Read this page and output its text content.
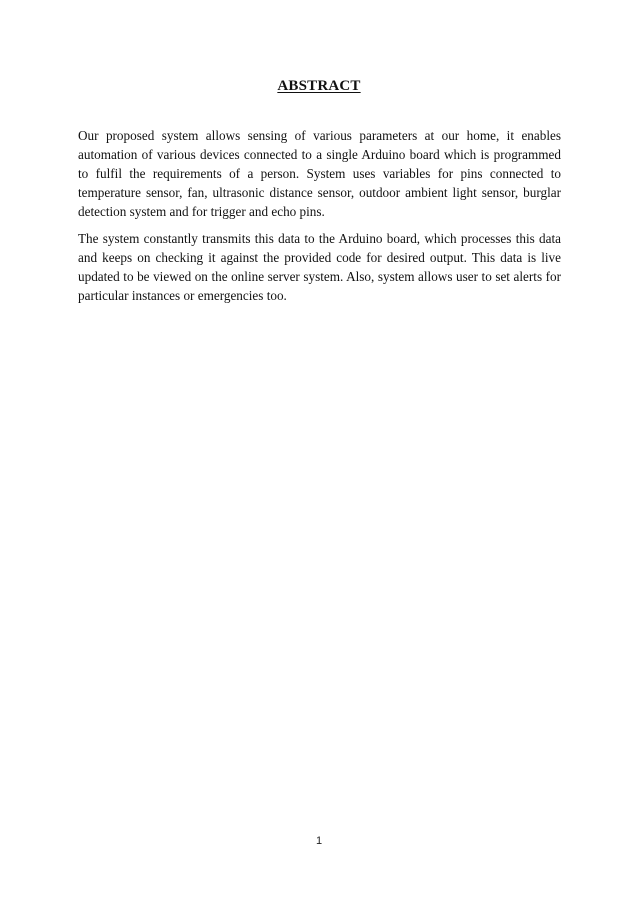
ABSTRACT

Our proposed system allows sensing of various parameters at our home, it enables automation of various devices connected to a single Arduino board which is programmed to fulfil the requirements of a person. System uses variables for pins connected to temperature sensor, fan, ultrasonic distance sensor, outdoor ambient light sensor, burglar detection system and for trigger and echo pins.

The system constantly transmits this data to the Arduino board, which processes this data and keeps on checking it against the provided code for desired output. This data is live updated to be viewed on the online server system. Also, system allows user to set alerts for particular instances or emergencies too.

1
